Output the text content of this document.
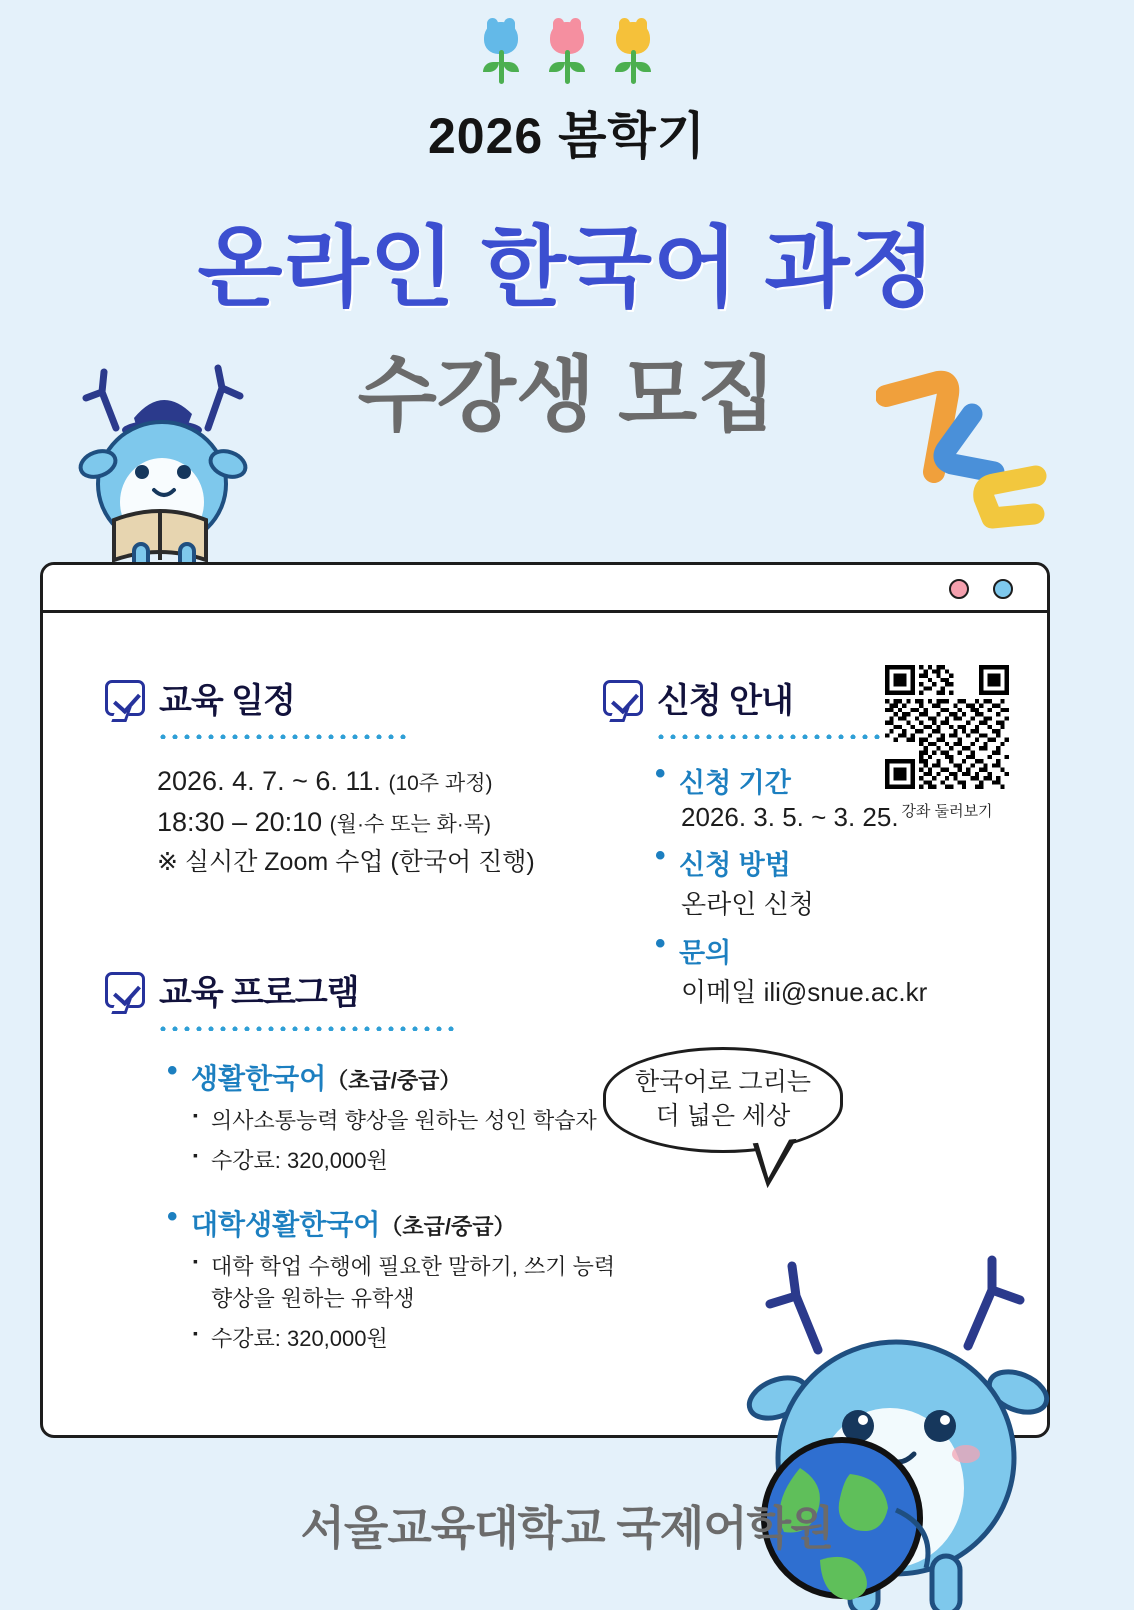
2026 봄학기
온라인 한국어 과정
수강생 모집
교육 일정
2026. 4. 7. ~ 6. 11. (10주 과정)
18:30 – 20:10 (월·수 또는 화·목)
※ 실시간 Zoom 수업 (한국어 진행)
교육 프로그램
• 생활한국어（초급/중급）
▪ 의사소통능력 향상을 원하는 성인 학습자
▪ 수강료: 320,000원
• 대학생활한국어（초급/중급）
▪ 대학 학업 수행에 필요한 말하기, 쓰기 능력 향상을 원하는 유학생
▪ 수강료: 320,000원
신청 안내
• 신청 기간
2026. 3. 5. ~ 3. 25.
• 신청 방법
온라인 신청
• 문의
이메일 ili@snue.ac.kr
강좌 둘러보기
한국어로 그리는
더 넓은 세상
서울교육대학교 국제어학원
